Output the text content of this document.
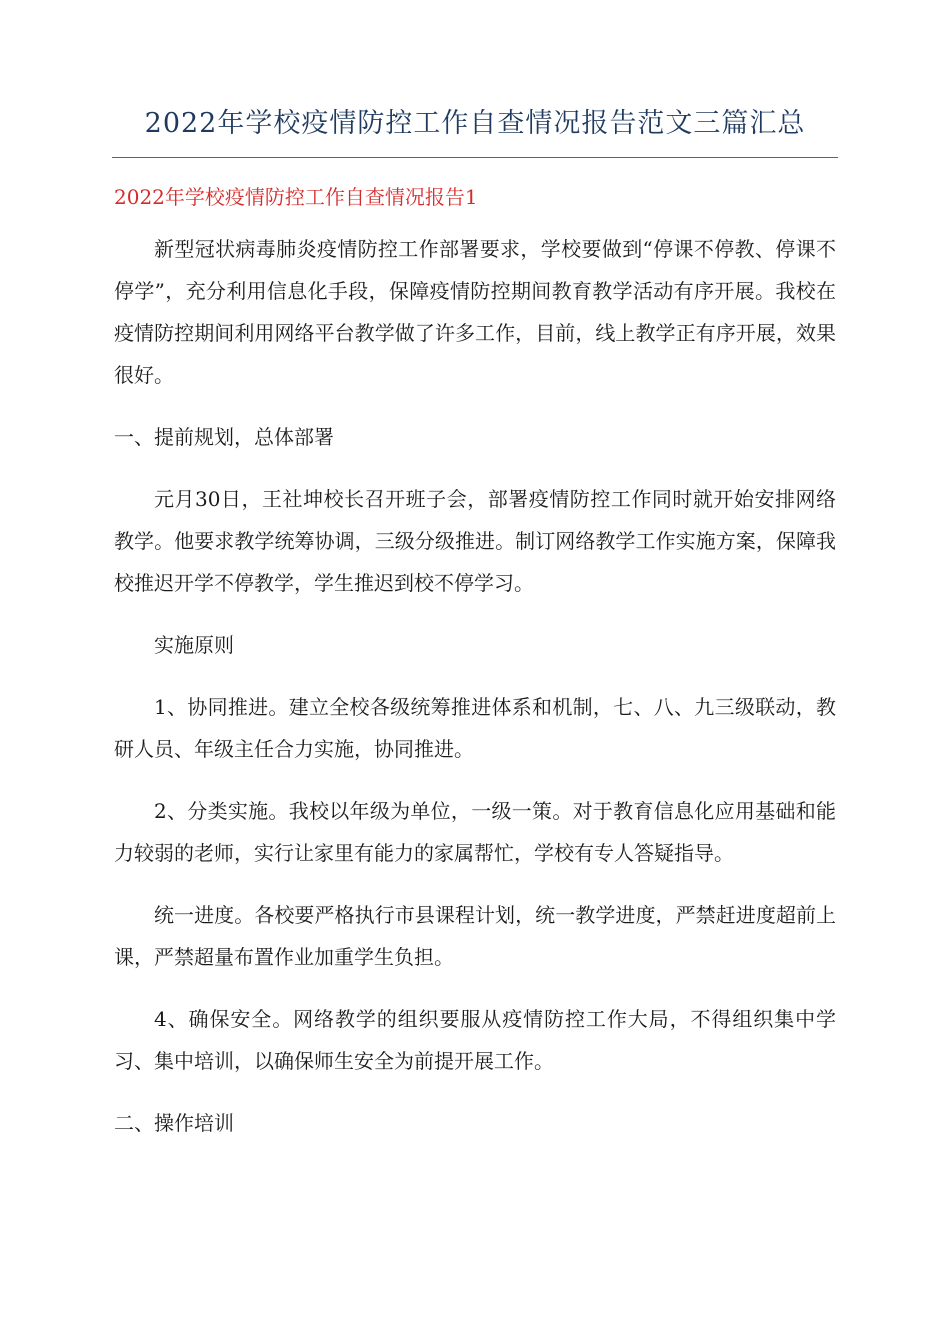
2022年学校疫情防控工作自查情况报告范文三篇汇总
2022年学校疫情防控工作自查情况报告1

新型冠状病毒肺炎疫情防控工作部署要求，学校要做到“停课不停教、停课不停学”，充分利用信息化手段，保障疫情防控期间教育教学活动有序开展。我校在疫情防控期间利用网络平台教学做了许多工作，目前，线上教学正有序开展，效果很好。

一、提前规划，总体部署

元月30日，王社坤校长召开班子会，部署疫情防控工作同时就开始安排网络教学。他要求教学统筹协调，三级分级推进。制订网络教学工作实施方案，保障我校推迟开学不停教学，学生推迟到校不停学习。

实施原则

1、协同推进。建立全校各级统筹推进体系和机制，七、八、九三级联动，教研人员、年级主任合力实施，协同推进。

2、分类实施。我校以年级为单位，一级一策。对于教育信息化应用基础和能力较弱的老师，实行让家里有能力的家属帮忙，学校有专人答疑指导。

统一进度。各校要严格执行市县课程计划，统一教学进度，严禁赶进度超前上课，严禁超量布置作业加重学生负担。

4、确保安全。网络教学的组织要服从疫情防控工作大局，不得组织集中学习、集中培训，以确保师生安全为前提开展工作。

二、操作培训
